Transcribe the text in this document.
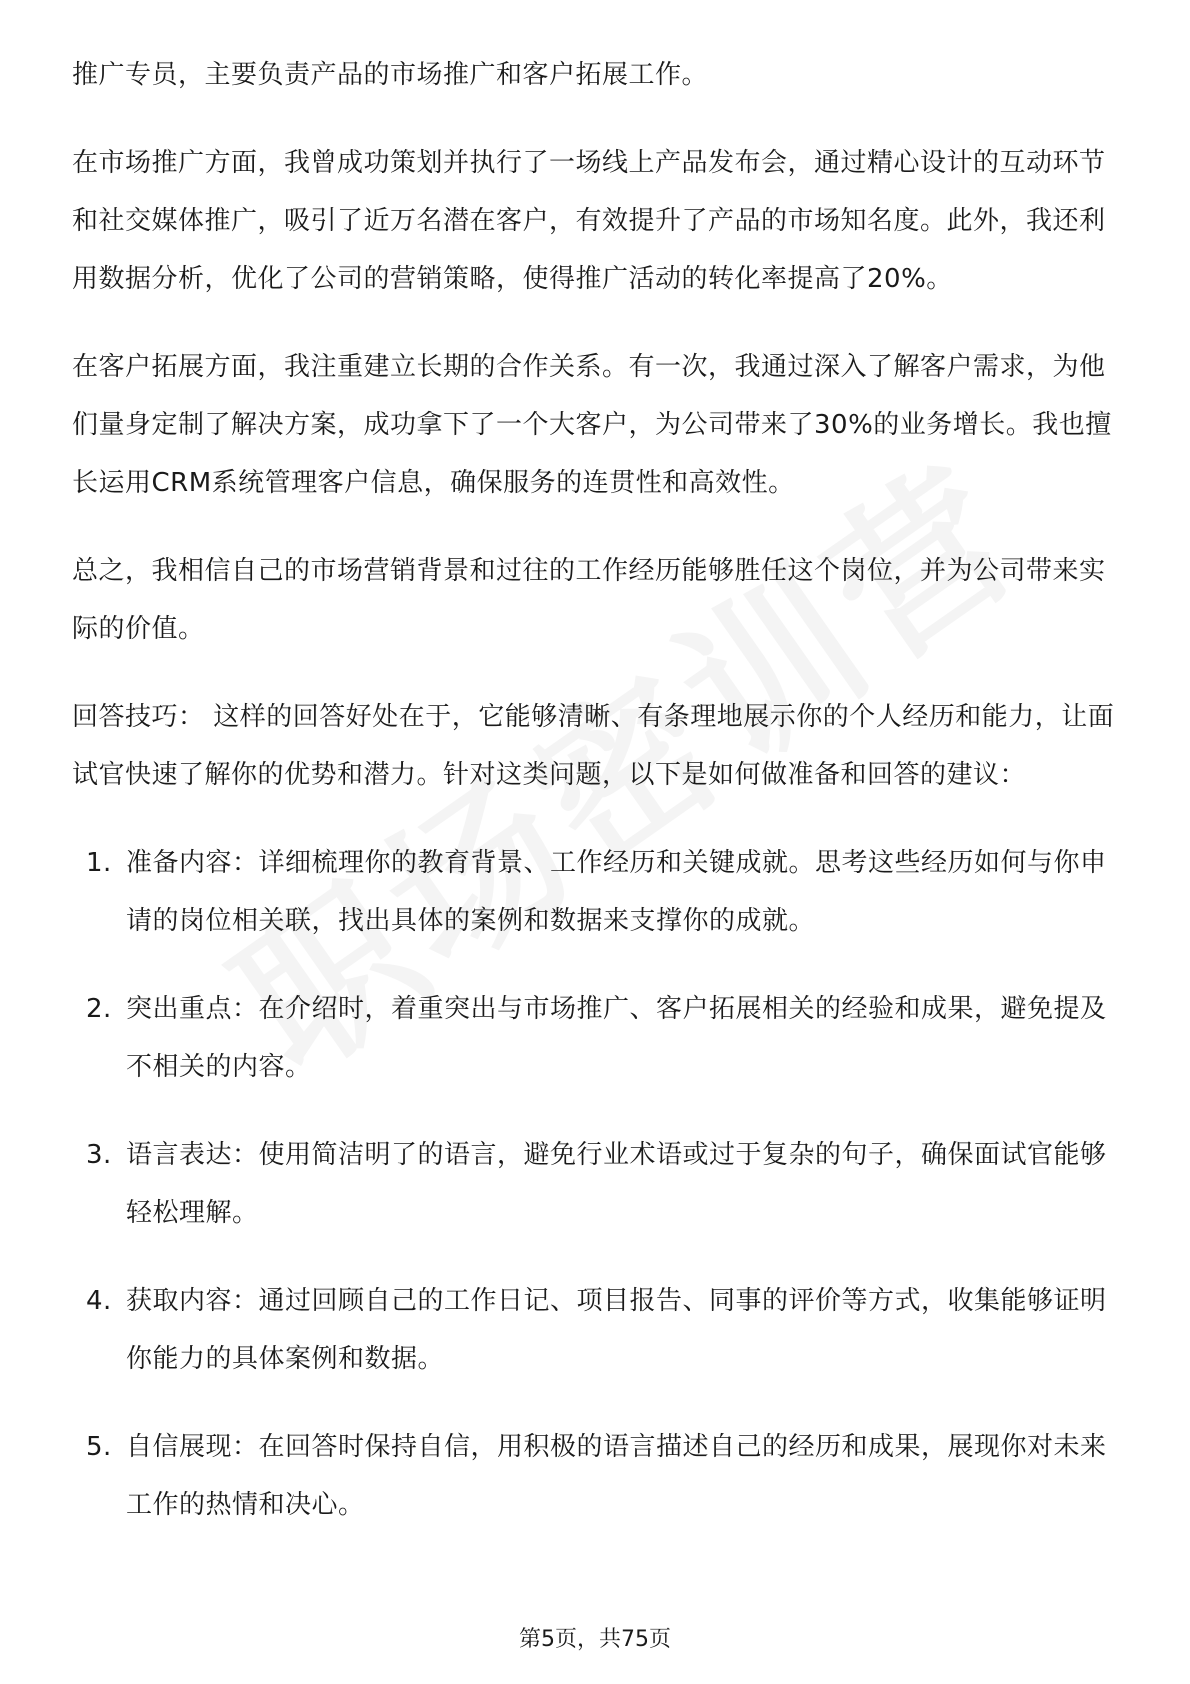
推广专员，主要负责产品的市场推广和客户拓展工作。

在市场推广方面，我曾成功策划并执行了一场线上产品发布会，通过精心设计的互动环节和社交媒体推广，吸引了近万名潜在客户，有效提升了产品的市场知名度。此外，我还利用数据分析，优化了公司的营销策略，使得推广活动的转化率提高了20%。

在客户拓展方面，我注重建立长期的合作关系。有一次，我通过深入了解客户需求，为他们量身定制了解决方案，成功拿下了一个大客户，为公司带来了30%的业务增长。我也擅长运用CRM系统管理客户信息，确保服务的连贯性和高效性。

总之，我相信自己的市场营销背景和过往的工作经历能够胜任这个岗位，并为公司带来实际的价值。

回答技巧： 这样的回答好处在于，它能够清晰、有条理地展示你的个人经历和能力，让面试官快速了解你的优势和潜力。针对这类问题，以下是如何做准备和回答的建议：

1. 准备内容：详细梳理你的教育背景、工作经历和关键成就。思考这些经历如何与你申请的岗位相关联，找出具体的案例和数据来支撑你的成就。
2. 突出重点：在介绍时，着重突出与市场推广、客户拓展相关的经验和成果，避免提及不相关的内容。
3. 语言表达：使用简洁明了的语言，避免行业术语或过于复杂的句子，确保面试官能够轻松理解。
4. 获取内容：通过回顾自己的工作日记、项目报告、同事的评价等方式，收集能够证明你能力的具体案例和数据。
5. 自信展现：在回答时保持自信，用积极的语言描述自己的经历和成果，展现你对未来工作的热情和决心。
第5页，共75页
